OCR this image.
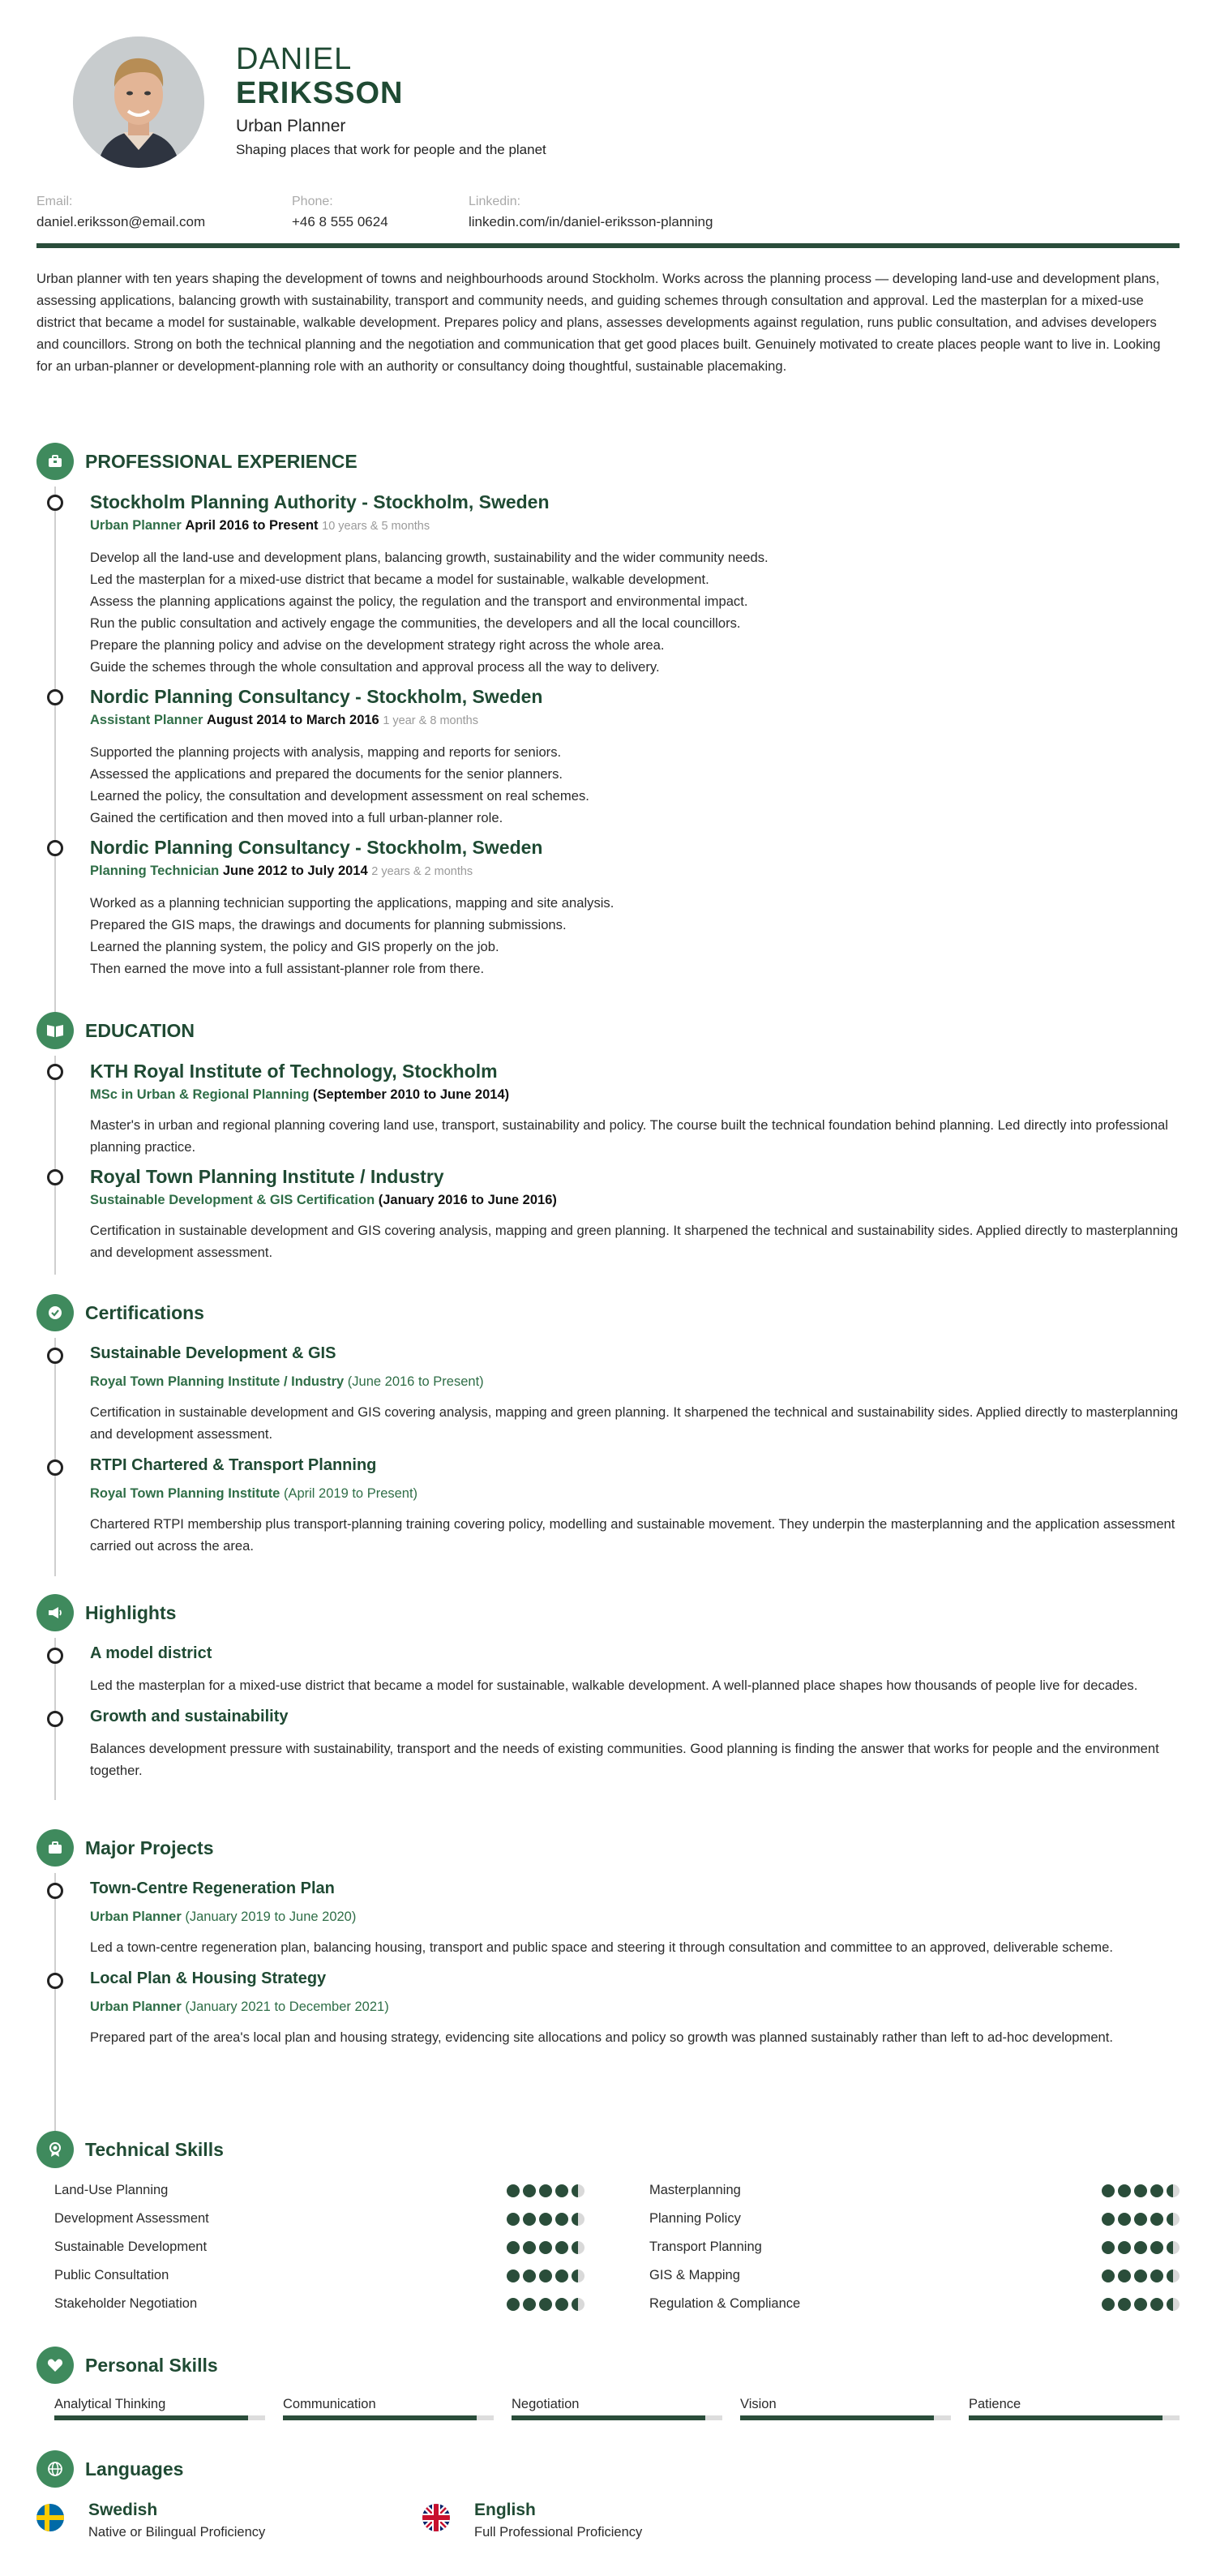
DANIEL
ERIKSSON
Urban Planner
Shaping places that work for people and the planet
Email:
daniel.eriksson@email.com
Phone:
+46 8 555 0624
Linkedin:
linkedin.com/in/daniel-eriksson-planning
Urban planner with ten years shaping the development of towns and neighbourhoods around Stockholm. Works across the planning process — developing land-use and development plans, assessing applications, balancing growth with sustainability, transport and community needs, and guiding schemes through consultation and approval. Led the masterplan for a mixed-use district that became a model for sustainable, walkable development. Prepares policy and plans, assesses developments against regulation, runs public consultation, and advises developers and councillors. Strong on both the technical planning and the negotiation and communication that get good places built. Genuinely motivated to create places people want to live in. Looking for an urban-planner or development-planning role with an authority or consultancy doing thoughtful, sustainable placemaking.
PROFESSIONAL EXPERIENCE
Stockholm Planning Authority - Stockholm, Sweden
Urban Planner April 2016 to Present 10 years & 5 months
Develop all the land-use and development plans, balancing growth, sustainability and the wider community needs.
Led the masterplan for a mixed-use district that became a model for sustainable, walkable development.
Assess the planning applications against the policy, the regulation and the transport and environmental impact.
Run the public consultation and actively engage the communities, the developers and all the local councillors.
Prepare the planning policy and advise on the development strategy right across the whole area.
Guide the schemes through the whole consultation and approval process all the way to delivery.
Nordic Planning Consultancy - Stockholm, Sweden
Assistant Planner August 2014 to March 2016 1 year & 8 months
Supported the planning projects with analysis, mapping and reports for seniors.
Assessed the applications and prepared the documents for the senior planners.
Learned the policy, the consultation and development assessment on real schemes.
Gained the certification and then moved into a full urban-planner role.
Nordic Planning Consultancy - Stockholm, Sweden
Planning Technician June 2012 to July 2014 2 years & 2 months
Worked as a planning technician supporting the applications, mapping and site analysis.
Prepared the GIS maps, the drawings and documents for planning submissions.
Learned the planning system, the policy and GIS properly on the job.
Then earned the move into a full assistant-planner role from there.
EDUCATION
KTH Royal Institute of Technology, Stockholm
MSc in Urban & Regional Planning (September 2010 to June 2014)
Master's in urban and regional planning covering land use, transport, sustainability and policy. The course built the technical foundation behind planning. Led directly into professional planning practice.
Royal Town Planning Institute / Industry
Sustainable Development & GIS Certification (January 2016 to June 2016)
Certification in sustainable development and GIS covering analysis, mapping and green planning. It sharpened the technical and sustainability sides. Applied directly to masterplanning and development assessment.
Certifications
Sustainable Development & GIS
Royal Town Planning Institute / Industry (June 2016 to Present)
Certification in sustainable development and GIS covering analysis, mapping and green planning. It sharpened the technical and sustainability sides. Applied directly to masterplanning and development assessment.
RTPI Chartered & Transport Planning
Royal Town Planning Institute (April 2019 to Present)
Chartered RTPI membership plus transport-planning training covering policy, modelling and sustainable movement. They underpin the masterplanning and the application assessment carried out across the area.
Highlights
A model district
Led the masterplan for a mixed-use district that became a model for sustainable, walkable development. A well-planned place shapes how thousands of people live for decades.
Growth and sustainability
Balances development pressure with sustainability, transport and the needs of existing communities. Good planning is finding the answer that works for people and the environment together.
Major Projects
Town-Centre Regeneration Plan
Urban Planner (January 2019 to June 2020)
Led a town-centre regeneration plan, balancing housing, transport and public space and steering it through consultation and committee to an approved, deliverable scheme.
Local Plan & Housing Strategy
Urban Planner (January 2021 to December 2021)
Prepared part of the area's local plan and housing strategy, evidencing site allocations and policy so growth was planned sustainably rather than left to ad-hoc development.
Technical Skills
Land-Use Planning	Masterplanning
Development Assessment	Planning Policy
Sustainable Development	Transport Planning
Public Consultation	GIS & Mapping
Stakeholder Negotiation	Regulation & Compliance
Personal Skills
Analytical Thinking	Communication	Negotiation	Vision	Patience
Languages
Swedish
Native or Bilingual Proficiency
English
Full Professional Proficiency
